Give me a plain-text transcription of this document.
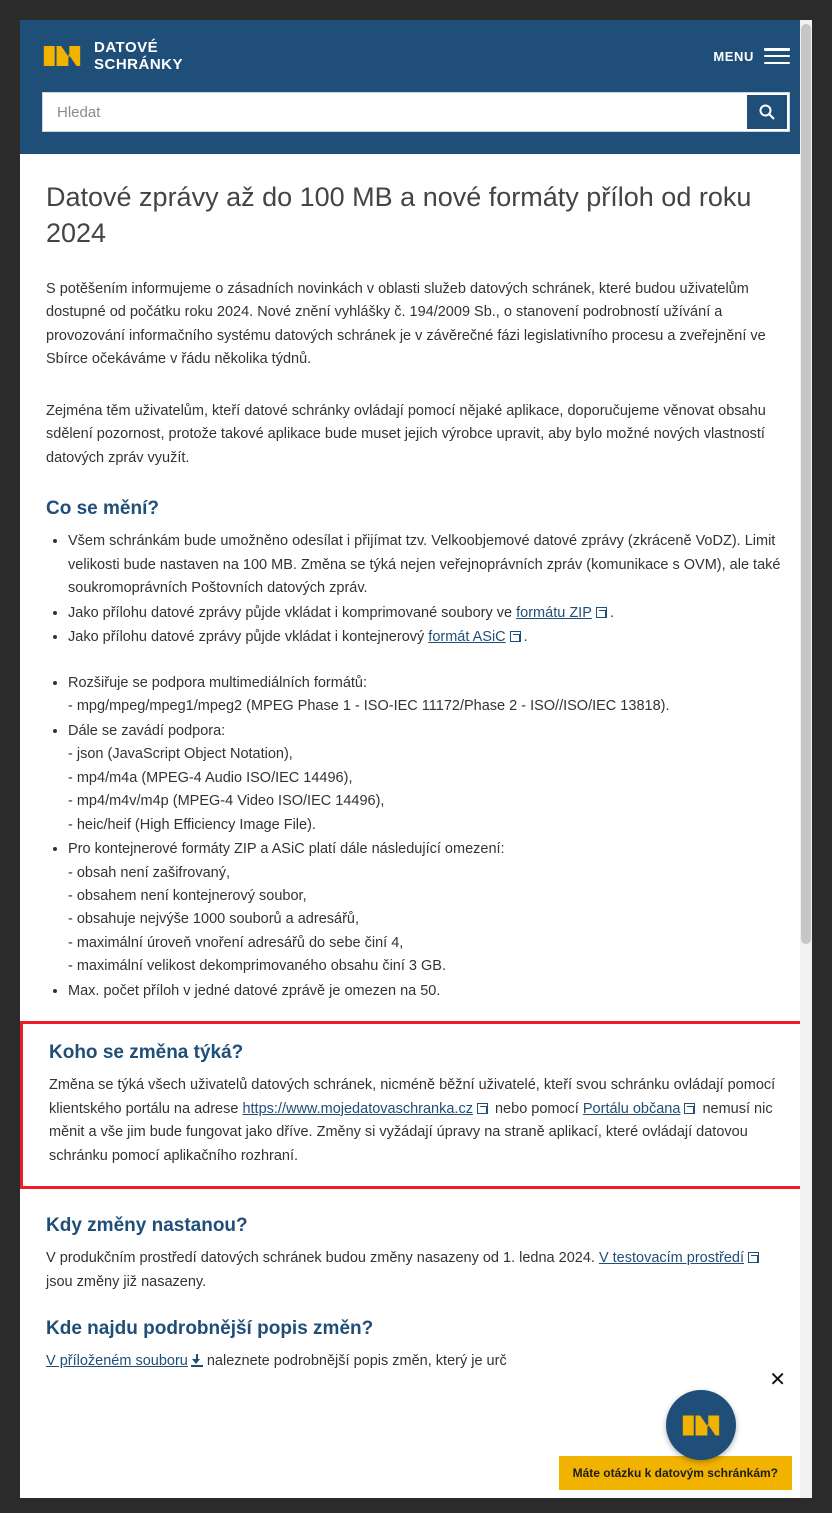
DATOVÉ
SCHRÁNKY	MENU
Hledat
Datové zprávy až do 100 MB a nové formáty příloh od roku 2024

S potěšením informujeme o zásadních novinkách v oblasti služeb datových schránek, které budou uživatelům dostupné od počátku roku 2024. Nové znění vyhlášky č. 194/2009 Sb., o stanovení podrobností užívání a provozování informačního systému datových schránek je v závěrečné fázi legislativního procesu a zveřejnění ve Sbírce očekáváme v řádu několika týdnů.

Zejména těm uživatelům, kteří datové schránky ovládají pomocí nějaké aplikace, doporučujeme věnovat obsahu sdělení pozornost, protože takové aplikace bude muset jejich výrobce upravit, aby bylo možné nových vlastností datových zpráv využít.

Co se mění?
• Všem schránkám bude umožněno odesílat i přijímat tzv. Velkoobjemové datové zprávy (zkráceně VoDZ). Limit velikosti bude nastaven na 100 MB. Změna se týká nejen veřejnoprávních zpráv (komunikace s OVM), ale také soukromoprávních Poštovních datových zpráv.
• Jako přílohu datové zprávy půjde vkládat i komprimované soubory ve formátu ZIP .
• Jako přílohu datové zprávy půjde vkládat i kontejnerový formát ASiC .
• Rozšiřuje se podpora multimediálních formátů:
- mpg/mpeg/mpeg1/mpeg2 (MPEG Phase 1 - ISO-IEC 11172/Phase 2 - ISO//ISO/IEC 13818).
• Dále se zavádí podpora:
- json (JavaScript Object Notation),
- mp4/m4a (MPEG-4 Audio ISO/IEC 14496),
- mp4/m4v/m4p (MPEG-4 Video ISO/IEC 14496),
- heic/heif (High Efficiency Image File).
• Pro kontejnerové formáty ZIP a ASiC platí dále následující omezení:
- obsah není zašifrovaný,
- obsahem není kontejnerový soubor,
- obsahuje nejvýše 1000 souborů a adresářů,
- maximální úroveň vnoření adresářů do sebe činí 4,
- maximální velikost dekomprimovaného obsahu činí 3 GB.
• Max. počet příloh v jedné datové zprávě je omezen na 50.
Koho se změna týká?

Změna se týká všech uživatelů datových schránek, nicméně běžní uživatelé, kteří svou schránku ovládají pomocí klientského portálu na adrese https://www.mojedatovaschranka.cz nebo pomocí Portálu občana nemusí nic měnit a vše jim bude fungovat jako dříve. Změny si vyžádají úpravy na straně aplikací, které ovládají datovou schránku pomocí aplikačního rozhraní.

Kdy změny nastanou?

V produkčním prostředí datových schránek budou změny nasazeny od 1. ledna 2024. V testovacím prostředí jsou změny již nasazeny.

Kde najdu podrobnější popis změn?

V příloženém souboru naleznete podrobnější popis změn, který je urč

✕
Máte otázku k datovým schránkám?
